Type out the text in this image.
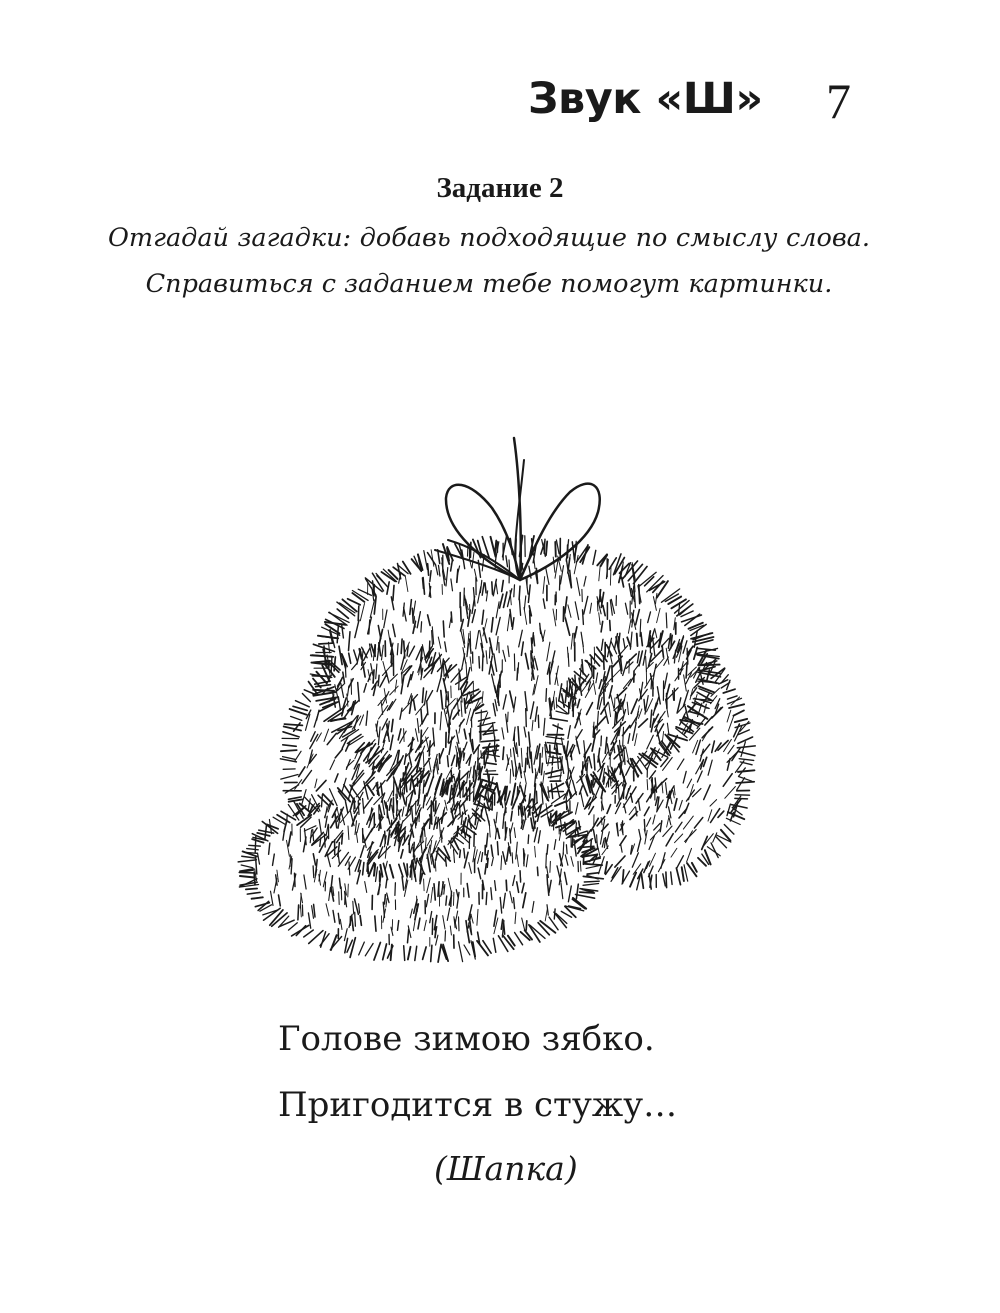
Звук «Ш» 7
Задание 2
Отгадай загадки: добавь подходящие по смыслу слова. Справиться с заданием тебе помогут картинки.
Голове зимою зябко.
Пригодится в стужу…
(Шапка)
